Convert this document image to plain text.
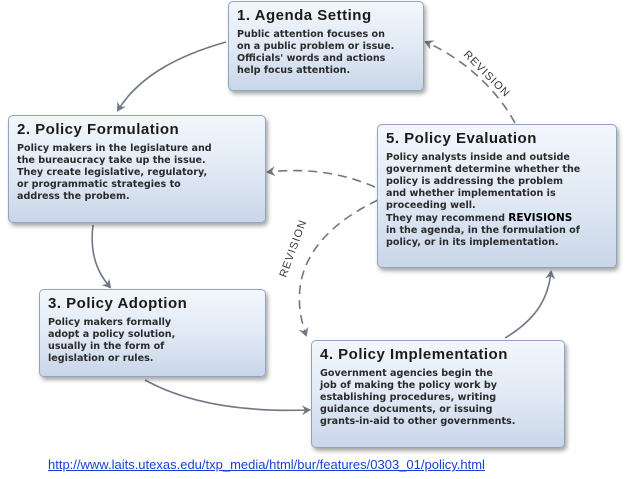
REVISION
REVISION
1. Agenda Setting
Public attention focuses on
on a public problem or issue.
Officials' words and actions
help focus attention.
2. Policy Formulation
Policy makers in the legislature and
the bureaucracy take up the issue.
They create legislative, regulatory,
or programmatic strategies to
address the probem.
3. Policy Adoption
Policy makers formally
adopt a policy solution,
usually in the form of
legislation or rules.	4. Policy Implementation
Government agencies begin the
job of making the policy work by
establishing procedures, writing
guidance documents, or issuing
grants-in-aid to other governments.
5. Policy Evaluation
Policy analysts inside and outside
government determine whether the
policy is addressing the problem
and whether implementation is
proceeding well.
They may recommend REVISIONS
in the agenda, in the formulation of
policy, or in its implementation.
http://www.laits.utexas.edu/txp_media/html/bur/features/0303_01/policy.html
